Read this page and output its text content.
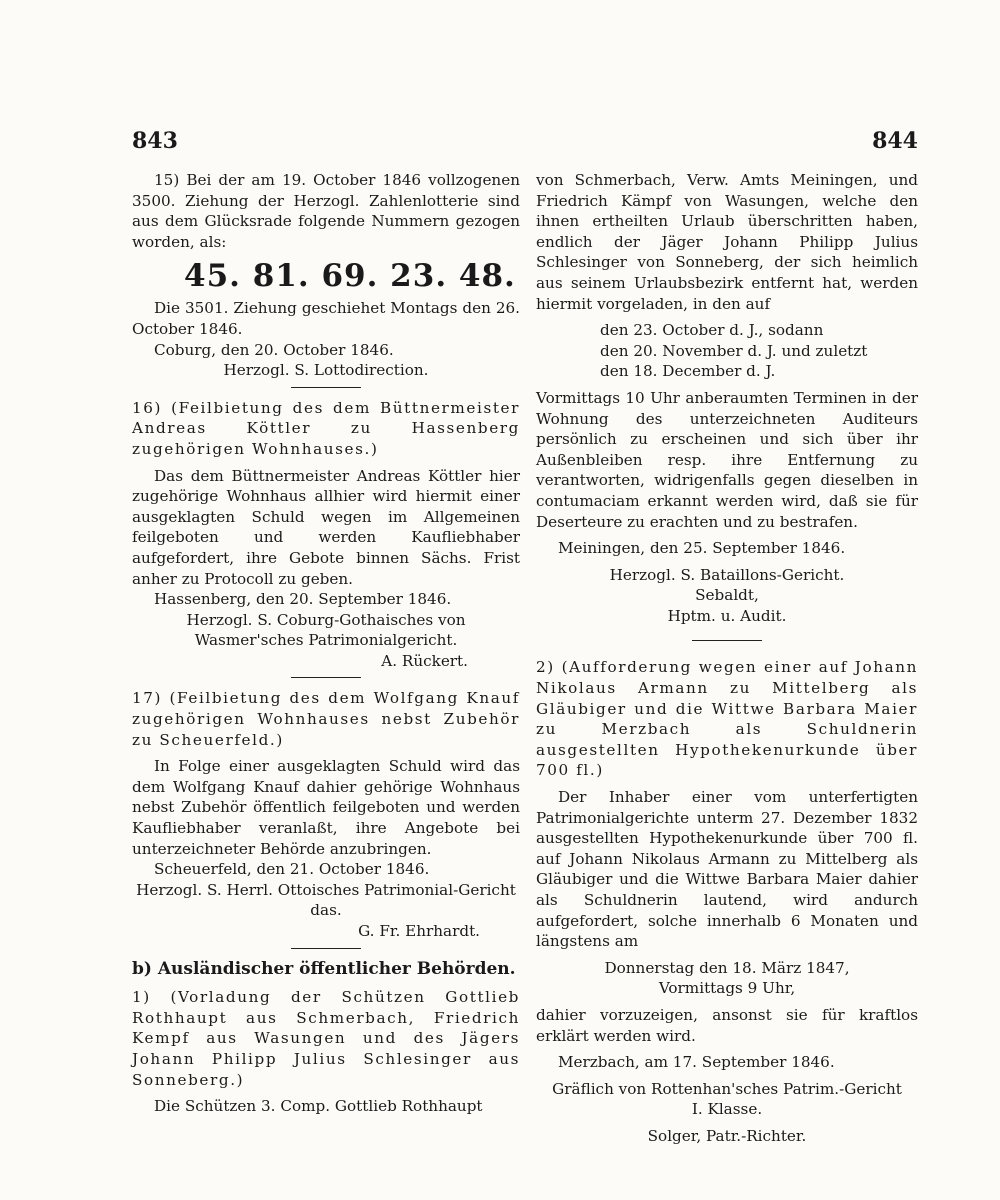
843	844

15) Bei der am 19. October 1846 vollzogenen 3500. Ziehung der Herzogl. Zahlenlotterie sind aus dem Glücksrade folgende Nummern gezogen worden, als:

45. 81. 69. 23. 48.

Die 3501. Ziehung geschiehet Montags den 26. October 1846.

Coburg, den 20. October 1846.

Herzogl. S. Lottodirection.

16) (Feilbietung des dem Büttnermeister Andreas Köttler zu Hassenberg zugehörigen Wohnhauses.)

Das dem Büttnermeister Andreas Köttler hier zugehörige Wohnhaus allhier wird hiermit einer ausgeklagten Schuld wegen im Allgemeinen feilgeboten und werden Kaufliebhaber aufgefordert, ihre Gebote binnen Sächs. Frist anher zu Protocoll zu geben.

Hassenberg, den 20. September 1846.

Herzogl. S. Coburg-Gothaisches von Wasmer'sches Patrimonialgericht.

A. Rückert.

17) (Feilbietung des dem Wolfgang Knauf zugehörigen Wohnhauses nebst Zubehör zu Scheuerfeld.)

In Folge einer ausgeklagten Schuld wird das dem Wolfgang Knauf dahier gehörige Wohnhaus nebst Zubehör öffentlich feilgeboten und werden Kaufliebhaber veranlaßt, ihre Angebote bei unterzeichneter Behörde anzubringen.

Scheuerfeld, den 21. October 1846.

Herzogl. S. Herrl. Ottoisches Patrimonial-Gericht das.

G. Fr. Ehrhardt.

b) Ausländischer öffentlicher Behörden.

1) (Vorladung der Schützen Gottlieb Rothhaupt aus Schmerbach, Friedrich Kempf aus Wasungen und des Jägers Johann Philipp Julius Schlesinger aus Sonneberg.)

Die Schützen 3. Comp. Gottlieb Rothhaupt

von Schmerbach, Verw. Amts Meiningen, und Friedrich Kämpf von Wasungen, welche den ihnen ertheilten Urlaub überschritten haben, endlich der Jäger Johann Philipp Julius Schlesinger von Sonneberg, der sich heimlich aus seinem Urlaubsbezirk entfernt hat, werden hiermit vorgeladen, in den auf

den 23. October d. J., sodann

den 20. November d. J. und zuletzt

den 18. December d. J.

Vormittags 10 Uhr anberaumten Terminen in der Wohnung des unterzeichneten Auditeurs persönlich zu erscheinen und sich über ihr Außenbleiben resp. ihre Entfernung zu verantworten, widrigenfalls gegen dieselben in contumaciam erkannt werden wird, daß sie für Deserteure zu erachten und zu bestrafen.

Meiningen, den 25. September 1846.

Herzogl. S. Bataillons-Gericht.

Sebaldt,

Hptm. u. Audit.

2) (Aufforderung wegen einer auf Johann Nikolaus Armann zu Mittelberg als Gläubiger und die Wittwe Barbara Maier zu Merzbach als Schuldnerin ausgestellten Hypothekenurkunde über 700 fl.)

Der Inhaber einer vom unterfertigten Patrimonialgerichte unterm 27. Dezember 1832 ausgestellten Hypothekenurkunde über 700 fl. auf Johann Nikolaus Armann zu Mittelberg als Gläubiger und die Wittwe Barbara Maier dahier als Schuldnerin lautend, wird andurch aufgefordert, solche innerhalb 6 Monaten und längstens am

Donnerstag den 18. März 1847,

Vormittags 9 Uhr,

dahier vorzuzeigen, ansonst sie für kraftlos erklärt werden wird.

Merzbach, am 17. September 1846.

Gräflich von Rottenhan'sches Patrim.-Gericht

I. Klasse.

Solger, Patr.-Richter.
